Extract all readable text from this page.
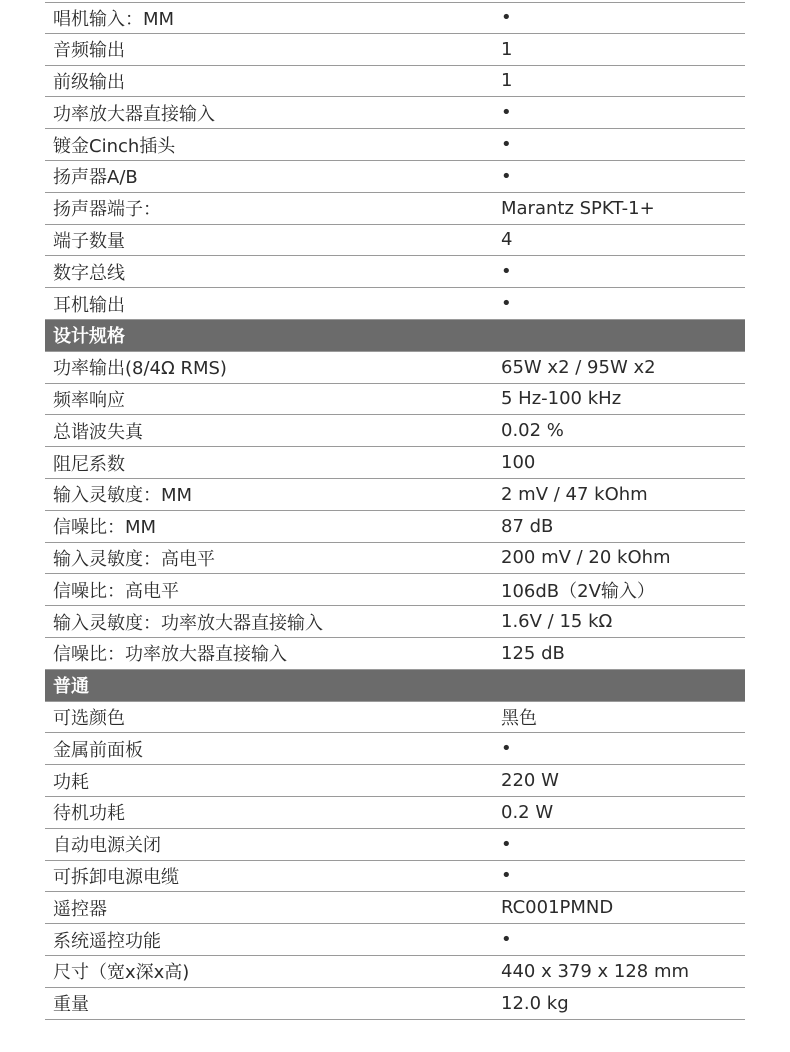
唱机输入：MM	•
音频输出	1
前级输出	1
功率放大器直接输入	•
镀金Cinch插头	•
扬声器A/B	•
扬声器端子：	Marantz SPKT-1+
端子数量	4
数字总线	•
耳机输出	•
设计规格
功率输出(8/4Ω RMS)	65W x2 / 95W x2
频率响应	5 Hz-100 kHz
总谐波失真	0.02 %
阻尼系数	100
输入灵敏度：MM	2 mV / 47 kOhm
信噪比：MM	87 dB
输入灵敏度：高电平	200 mV / 20 kOhm
信噪比：高电平	106dB（2V输入）
输入灵敏度：功率放大器直接输入	1.6V / 15 kΩ
信噪比：功率放大器直接输入	125 dB
普通
可选颜色	黑色
金属前面板	•
功耗	220 W
待机功耗	0.2 W
自动电源关闭	•
可拆卸电源电缆	•
遥控器	RC001PMND
系统遥控功能	•
尺寸（宽x深x高)	440 x 379 x 128 mm
重量	12.0 kg
